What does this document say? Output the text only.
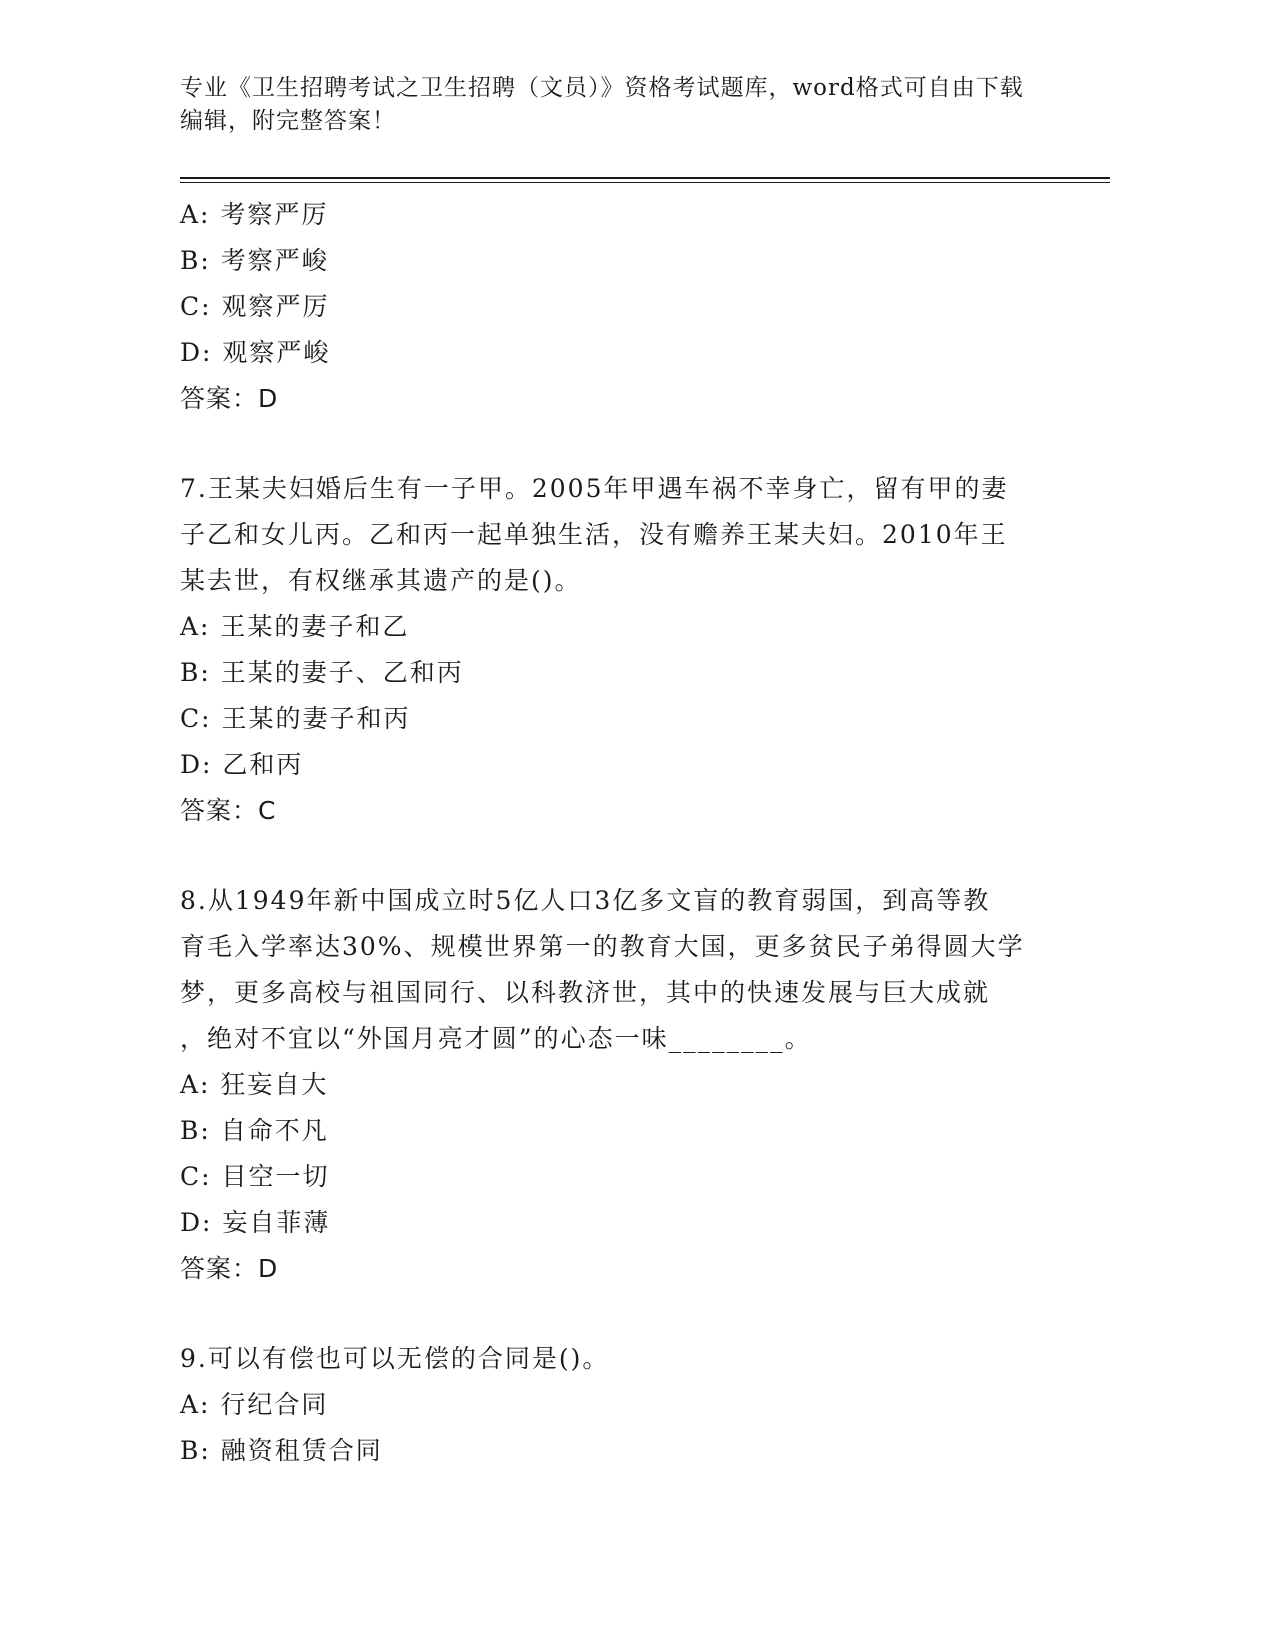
专业《卫生招聘考试之卫生招聘（文员）》资格考试题库，word格式可自由下载
编辑，附完整答案！
A: 考察严厉
B: 考察严峻
C: 观察严厉
D: 观察严峻
答案：D
7.王某夫妇婚后生有一子甲。2005年甲遇车祸不幸身亡，留有甲的妻
子乙和女儿丙。乙和丙一起单独生活，没有赡养王某夫妇。2010年王
某去世，有权继承其遗产的是()。
A: 王某的妻子和乙
B: 王某的妻子、乙和丙
C: 王某的妻子和丙
D: 乙和丙
答案：C
8.从1949年新中国成立时5亿人口3亿多文盲的教育弱国，到高等教
育毛入学率达30%、规模世界第一的教育大国，更多贫民子弟得圆大学
梦，更多高校与祖国同行、以科教济世，其中的快速发展与巨大成就
，绝对不宜以“外国月亮才圆”的心态一味________。
A: 狂妄自大
B: 自命不凡
C: 目空一切
D: 妄自菲薄
答案：D
9.可以有偿也可以无偿的合同是()。
A: 行纪合同
B: 融资租赁合同
